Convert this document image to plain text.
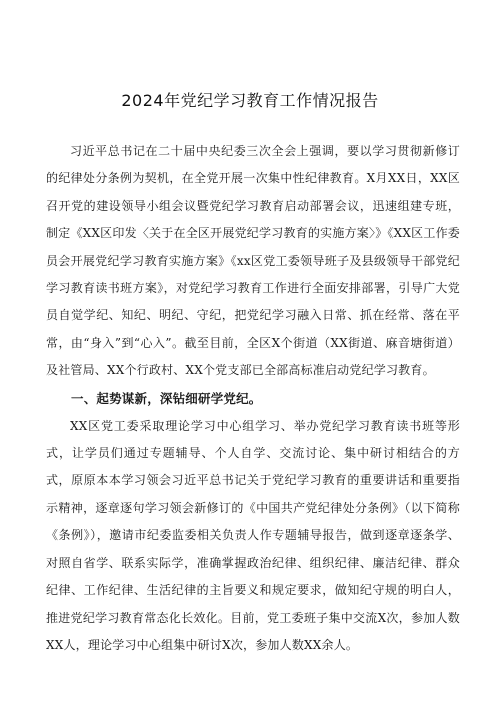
2024年党纪学习教育工作情况报告

习近平总书记在二十届中央纪委三次全会上强调，要以学习贯彻新修订的纪律处分条例为契机，在全党开展一次集中性纪律教育。X月XX日，XX区召开党的建设领导小组会议暨党纪学习教育启动部署会议，迅速组建专班，制定《XX区印发〈关于在全区开展党纪学习教育的实施方案〉》《XX区工作委员会开展党纪学习教育实施方案》《xx区党工委领导班子及县级领导干部党纪学习教育读书班方案》，对党纪学习教育工作进行全面安排部署，引导广大党员自觉学纪、知纪、明纪、守纪，把党纪学习融入日常、抓在经常、落在平常，由“身入”到“心入”。截至目前，全区X个街道（XX街道、麻音塘街道）及社管局、XX个行政村、XX个党支部已全部高标准启动党纪学习教育。

一、起势谋新，深钻细研学党纪。

XX区党工委采取理论学习中心组学习、举办党纪学习教育读书班等形式，让学员们通过专题辅导、个人自学、交流讨论、集中研讨相结合的方式，原原本本学习领会习近平总书记关于党纪学习教育的重要讲话和重要指示精神，逐章逐句学习领会新修订的《中国共产党纪律处分条例》（以下简称《条例》），邀请市纪委监委相关负责人作专题辅导报告，做到逐章逐条学、对照自省学、联系实际学，准确掌握政治纪律、组织纪律、廉洁纪律、群众纪律、工作纪律、生活纪律的主旨要义和规定要求，做知纪守规的明白人，推进党纪学习教育常态化长效化。目前，党工委班子集中交流X次，参加人数XX人，理论学习中心组集中研讨X次，参加人数XX余人。
